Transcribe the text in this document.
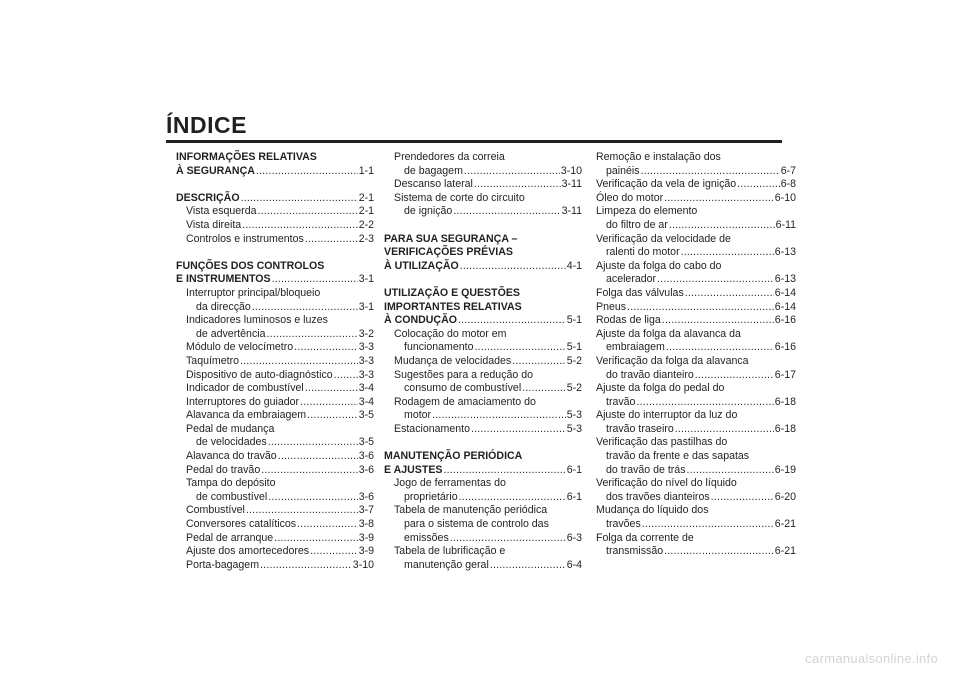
ÍNDICE
INFORMAÇÕES RELATIVAS
À SEGURANÇA .....	1-1
DESCRIÇÃO .....	2-1
Vista esquerda .....	2-1
Vista direita .....	2-2
Controlos e instrumentos .....	2-3
FUNÇÕES DOS CONTROLOS
E INSTRUMENTOS .....	3-1
Interruptor principal/bloqueio
da direcção .....	3-1
Indicadores luminosos e luzes
de advertência .....	3-2
Módulo de velocímetro .....	3-3
Taquímetro .....	3-3
Dispositivo de auto-diagnóstico ..... 3-3
Indicador de combustível .....	3-4
Interruptores do guiador .....	3-4
Alavanca da embraiagem .....	3-5
Pedal de mudança
de velocidades .....	3-5
Alavanca do travão .....	3-6
Pedal do travão .....	3-6
Tampa do depósito
de combustível .....	3-6
Combustível .....	3-7
Conversores catalíticos .....	3-8
Pedal de arranque .....	3-9
Ajuste dos amortecedores .....	3-9
Porta-bagagem .....	3-10
Prendedores da correia
de bagagem .....	3-10
Descanso lateral .....	3-11
Sistema de corte do circuito
de ignição .....	3-11
PARA SUA SEGURANÇA –
VERIFICAÇÕES PRÉVIAS
À UTILIZAÇÃO .....	4-1
UTILIZAÇÃO E QUESTÕES
IMPORTANTES RELATIVAS
À CONDUÇÃO .....	5-1
Colocação do motor em
funcionamento .....	5-1
Mudança de velocidades .....	5-2
Sugestões para a redução do
consumo de combustível .....	5-2
Rodagem de amaciamento do
motor .....	5-3
Estacionamento .....	5-3
MANUTENÇÃO PERIÓDICA
E AJUSTES .....	6-1
Jogo de ferramentas do
proprietário .....	6-1
Tabela de manutenção periódica
para o sistema de controlo das
emissões .....	6-3
Tabela de lubrificação e
manutenção geral .....	6-4
Remoção e instalação dos
painéis .....	6-7
Verificação da vela de ignição .....	6-8
Óleo do motor .....	6-10
Limpeza do elemento
do filtro de ar .....	6-11
Verificação da velocidade de
ralenti do motor .....	6-13
Ajuste da folga do cabo do
acelerador .....	6-13
Folga das válvulas .....	6-14
Pneus .....	6-14
Rodas de liga .....	6-16
Ajuste da folga da alavanca da
embraiagem .....	6-16
Verificação da folga da alavanca
do travão dianteiro .....	6-17
Ajuste da folga do pedal do
travão .....	6-18
Ajuste do interruptor da luz do
travão traseiro .....	6-18
Verificação das pastilhas do
travão da frente e das sapatas
do travão de trás .....	6-19
Verificação do nível do líquido
dos travões dianteiros .....	6-20
Mudança do líquido dos
travões .....	6-21
Folga da corrente de
transmissão .....	6-21
carmanualsonline.info
